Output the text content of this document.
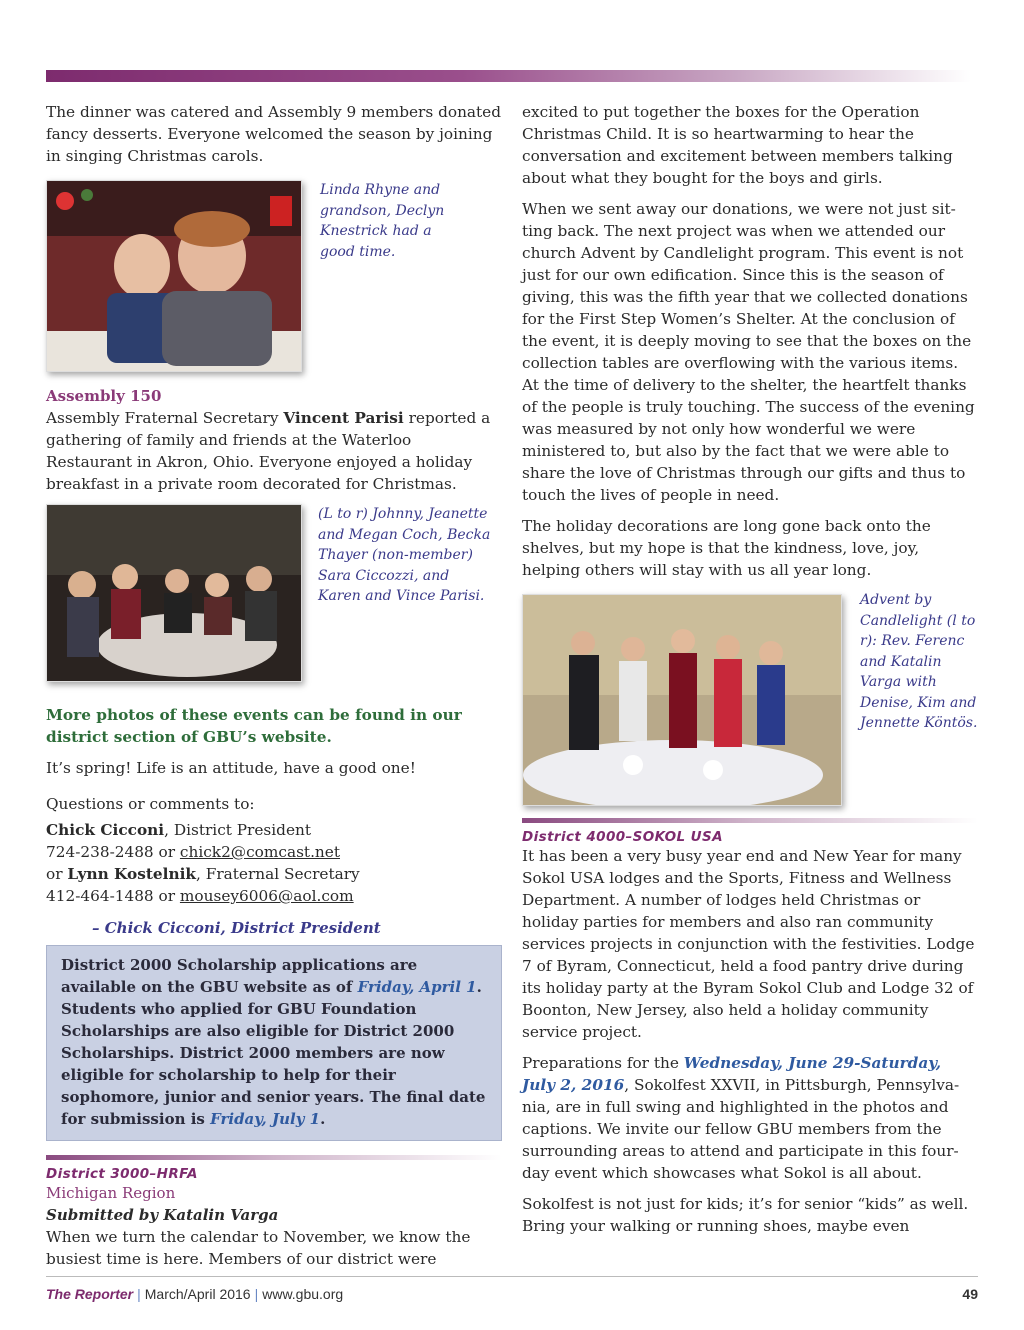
The dinner was catered and Assembly 9 members donated fancy desserts. Everyone welcomed the season by joining in singing Christmas carols.

Linda Rhyne and grandson, Declyn Knestrick had a good time.
Assembly 150

Assembly Fraternal Secretary Vincent Parisi reported a gathering of family and friends at the Waterloo Restaurant in Akron, Ohio. Everyone enjoyed a holiday breakfast in a private room decorated for Christmas.

(L to r) Johnny, Jeanette and Megan Coch, Becka Thayer (non-member) Sara Ciccozzi, and Karen and Vince Parisi.

More photos of these events can be found in our district section of GBU’s website.

It’s spring! Life is an attitude, have a good one!

Questions or comments to:

Chick Cicconi, District President

724-238-2488 or chick2@comcast.net

or Lynn Kostelnik, Fraternal Secretary

412-464-1488 or mousey6006@aol.com

– Chick Cicconi, District President
District 2000 Scholarship applications are available on the GBU website as of Friday, April 1. Students who applied for GBU Foundation Scholarships are also eligible for District 2000 Scholarships. District 2000 members are now eligible for scholarship to help for their sophomore, junior and senior years. The final date for submission is Friday, July 1.
District 3000–HRFA
Michigan Region
Submitted by Katalin Varga

When we turn the calendar to November, we know the busiest time is here. Members of our district were

excited to put together the boxes for the Operation Christmas Child. It is so heartwarming to hear the conversation and excitement between members talking about what they bought for the boys and girls.

When we sent away our donations, we were not just sitting back. The next project was when we attended our church Advent by Candlelight program. This event is not just for our own edification. Since this is the season of giving, this was the fifth year that we collected donations for the First Step Women’s Shelter. At the conclusion of the event, it is deeply moving to see that the boxes on the collection tables are overflowing with the various items. At the time of delivery to the shelter, the heartfelt thanks of the people is truly touching. The success of the evening was measured by not only how wonderful we were ministered to, but also by the fact that we were able to share the love of Christmas through our gifts and thus to touch the lives of people in need.

The holiday decorations are long gone back onto the shelves, but my hope is that the kindness, love, joy, helping others will stay with us all year long.

Advent by Candlelight (l to r): Rev. Ferenc and Katalin Varga with Denise, Kim and Jennette Köntös.
District 4000–SOKOL USA

It has been a very busy year end and New Year for many Sokol USA lodges and the Sports, Fitness and Wellness Department. A number of lodges held Christmas or holiday parties for members and also ran community services projects in conjunction with the festivities. Lodge 7 of Byram, Connecticut, held a food pantry drive during its holiday party at the Byram Sokol Club and Lodge 32 of Boonton, New Jersey, also held a holiday community service project.

Preparations for the Wednesday, June 29-Saturday, July 2, 2016, Sokolfest XXVII, in Pittsburgh, Pennsylvania, are in full swing and highlighted in the photos and captions. We invite our fellow GBU members from the surrounding areas to attend and participate in this four-day event which showcases what Sokol is all about.

Sokolfest is not just for kids; it’s for senior “kids” as well. Bring your walking or running shoes, maybe even

The Reporter | March/April 2016 | www.gbu.org	49
